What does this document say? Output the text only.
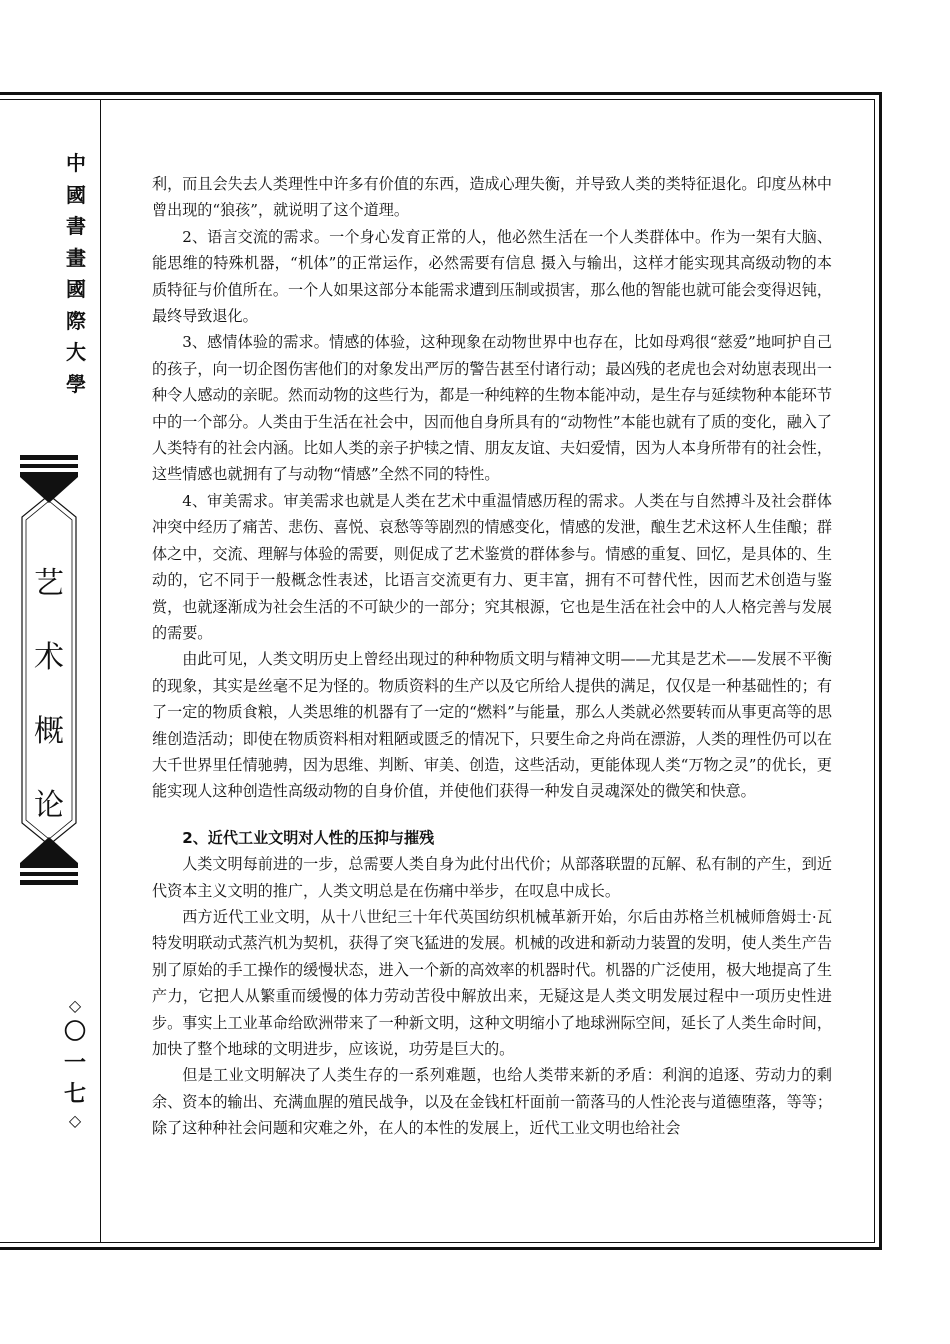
中
國
書
畫
國
際
大
學
艺
术
概
论
◇
〇
一
七
◇

利，而且会失去人类理性中许多有价值的东西，造成心理失衡，并导致人类的类特征退化。印度丛林中曾出现的“狼孩”，就说明了这个道理。

2、语言交流的需求。一个身心发育正常的人，他必然生活在一个人类群体中。作为一架有大脑、能思维的特殊机器，“机体”的正常运作，必然需要有信息 摄入与输出，这样才能实现其高级动物的本质特征与价值所在。一个人如果这部分本能需求遭到压制或损害，那么他的智能也就可能会变得迟钝，最终导致退化。

3、感情体验的需求。情感的体验，这种现象在动物世界中也存在，比如母鸡很“慈爱”地呵护自己的孩子，向一切企图伤害他们的对象发出严厉的警告甚至付诸行动；最凶残的老虎也会对幼崽表现出一种令人感动的亲昵。然而动物的这些行为，都是一种纯粹的生物本能冲动，是生存与延续物种本能环节中的一个部分。人类由于生活在社会中，因而他自身所具有的“动物性”本能也就有了质的变化，融入了人类特有的社会内涵。比如人类的亲子护犊之情、朋友友谊、夫妇爱情，因为人本身所带有的社会性，这些情感也就拥有了与动物“情感”全然不同的特性。

4、审美需求。审美需求也就是人类在艺术中重温情感历程的需求。人类在与自然搏斗及社会群体冲突中经历了痛苦、悲伤、喜悦、哀愁等等剧烈的情感变化，情感的发泄，酿生艺术这杯人生佳酿；群体之中，交流、理解与体验的需要，则促成了艺术鉴赏的群体参与。情感的重复、回忆，是具体的、生动的，它不同于一般概念性表述，比语言交流更有力、更丰富，拥有不可替代性，因而艺术创造与鉴赏，也就逐渐成为社会生活的不可缺少的一部分；究其根源，它也是生活在社会中的人人格完善与发展的需要。

由此可见，人类文明历史上曾经出现过的种种物质文明与精神文明——尤其是艺术——发展不平衡的现象，其实是丝毫不足为怪的。物质资料的生产以及它所给人提供的满足，仅仅是一种基础性的；有了一定的物质食粮，人类思维的机器有了一定的“燃料”与能量，那么人类就必然要转而从事更高等的思维创造活动；即使在物质资料相对粗陋或匮乏的情况下，只要生命之舟尚在漂游，人类的理性仍可以在大千世界里任情驰骋，因为思维、判断、审美、创造，这些活动，更能体现人类“万物之灵”的优长，更能实现人这种创造性高级动物的自身价值，并使他们获得一种发自灵魂深处的微笑和快意。

2、近代工业文明对人性的压抑与摧残

人类文明每前进的一步，总需要人类自身为此付出代价；从部落联盟的瓦解、私有制的产生，到近代资本主义文明的推广，人类文明总是在伤痛中举步，在叹息中成长。

西方近代工业文明，从十八世纪三十年代英国纺织机械革新开始，尔后由苏格兰机械师詹姆士·瓦特发明联动式蒸汽机为契机，获得了突飞猛进的发展。机械的改进和新动力装置的发明，使人类生产告别了原始的手工操作的缓慢状态，进入一个新的高效率的机器时代。机器的广泛使用，极大地提高了生产力，它把人从繁重而缓慢的体力劳动苦役中解放出来，无疑这是人类文明发展过程中一项历史性进步。事实上工业革命给欧洲带来了一种新文明，这种文明缩小了地球洲际空间，延长了人类生命时间，加快了整个地球的文明进步，应该说，功劳是巨大的。

但是工业文明解决了人类生存的一系列难题，也给人类带来新的矛盾：利润的追逐、劳动力的剩余、资本的输出、充满血腥的殖民战争，以及在金钱杠杆面前一箭落马的人性沦丧与道德堕落，等等；除了这种种社会问题和灾难之外，在人的本性的发展上，近代工业文明也给社会
